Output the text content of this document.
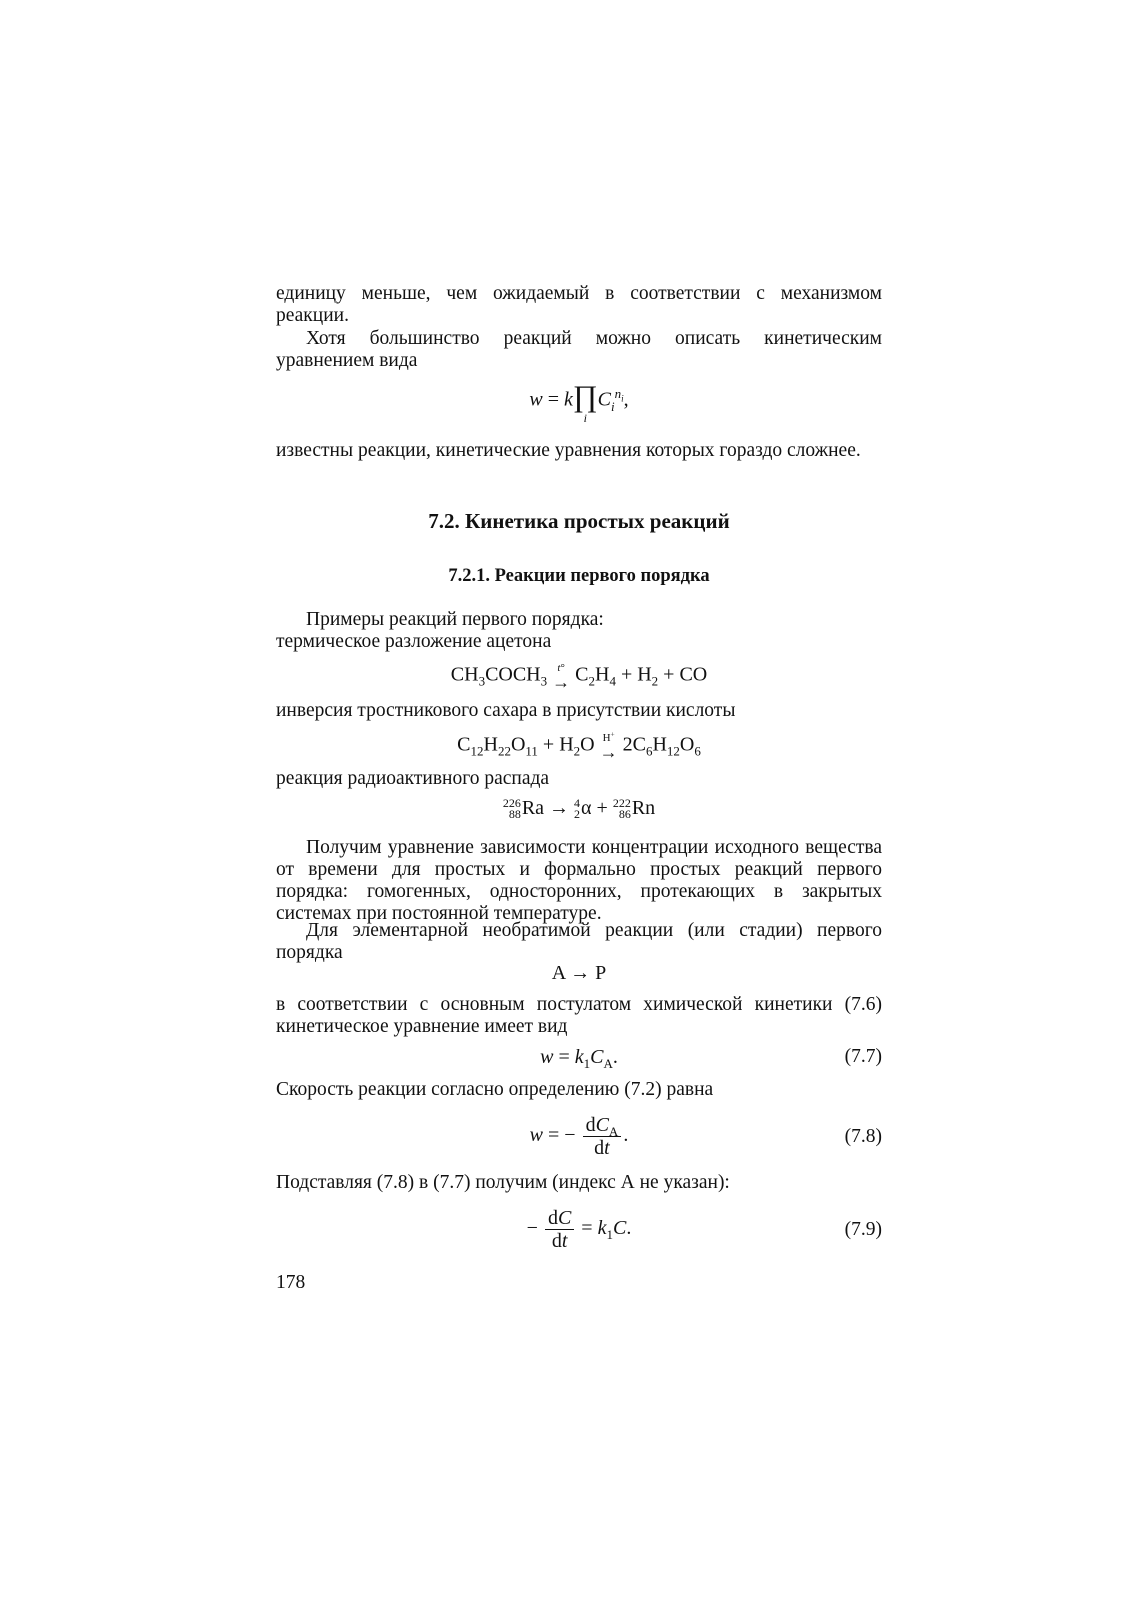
единицу меньше, чем ожидаемый в соответствии с механизмом реакции.
Хотя большинство реакций можно описать кинетическим уравнением вида
w = k ∏
i
$C_i^{n_i}$,
известны реакции, кинетические уравнения которых гораздо сложнее.
7.2. Кинетика простых реакций
7.2.1. Реакции первого порядка
Примеры реакций первого порядка:
термическое разложение ацетона
$CH_3COCH_3$
t°
→ $C_2H_4 + H_2$ + CO
инверсия тростникового сахара в присутствии кислоты
$C_{12}H_{22}O_{11} + H_2O$ H+
→ $2C_6H_{12}O_6$
реакция радиоактивного распада
226
88 Ra → 4
2 α + 222
86 Rn
Получим уравнение зависимости концентрации исходного вещества от времени для простых и формально простых реакций первого порядка: гомогенных, односторонних, протекающих в закрытых системах при постоянной температуре.
Для элементарной необратимой реакции (или стадии) первого порядка
A → P
в соответствии с основным постулатом химической кинетики (7.6) кинетическое уравнение имеет вид
$w = k_1C_A$.	(7.7)
Скорость реакции согласно определению (7.2) равна
w = − $\frac{dC_A}{dt}$ .	(7.8)
Подставляя (7.8) в (7.7) получим (индекс А не указан):
− $\frac{dC}{dt} = k_1C$.	(7.9)
178
